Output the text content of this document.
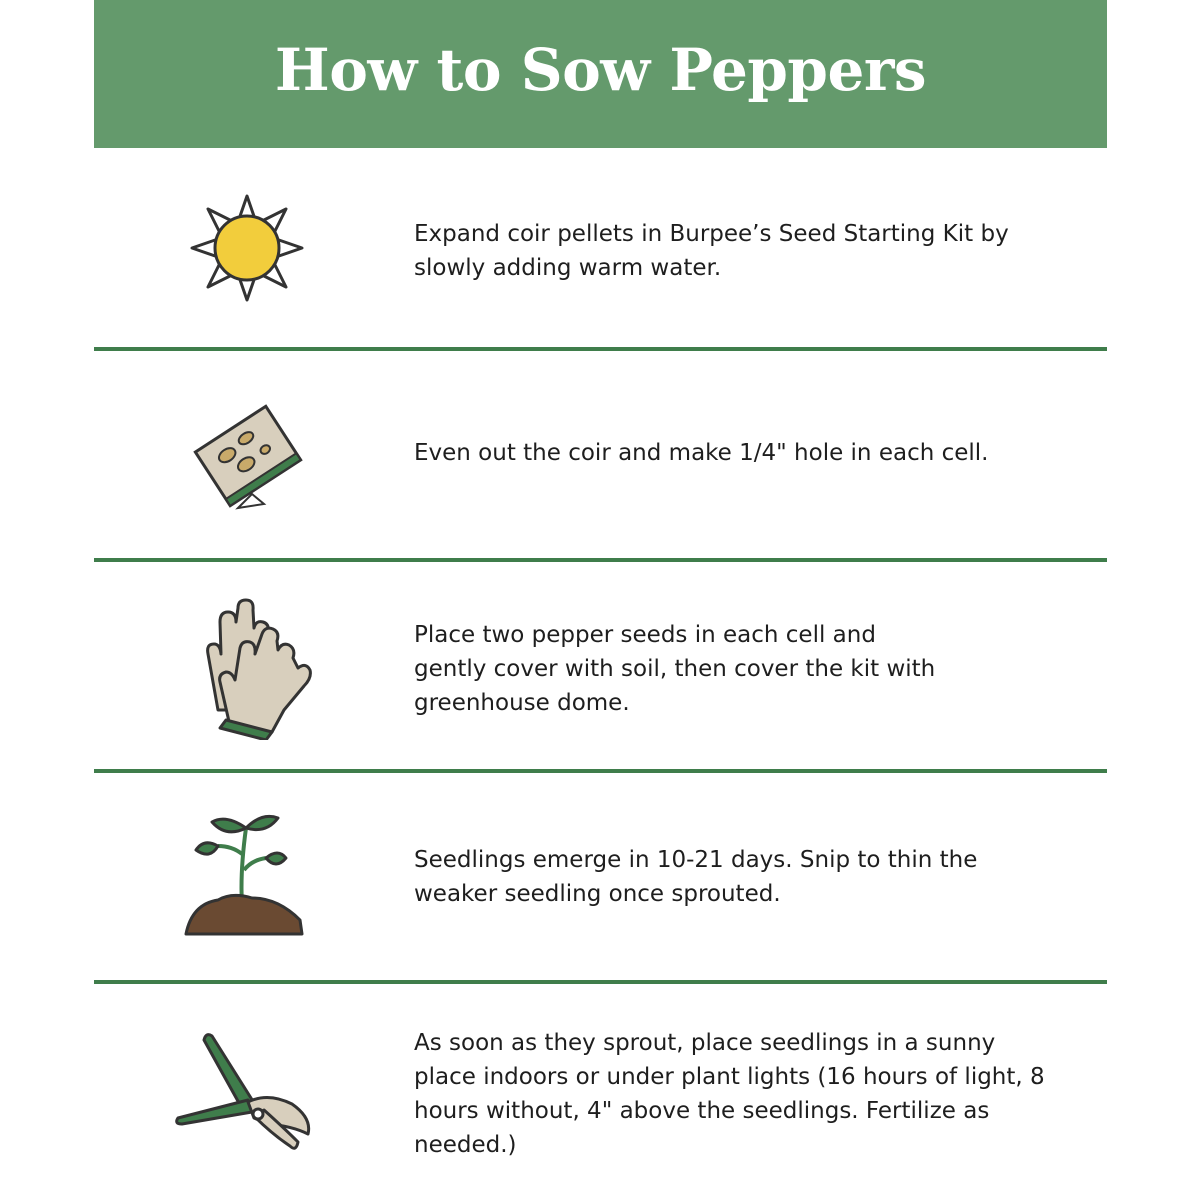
How to Sow Peppers

Expand coir pellets in Burpee’s Seed Starting Kit by slowly adding warm water.

Even out the coir and make 1/4" hole in each cell.

Place two pepper seeds in each cell and gently cover with soil, then cover the kit with greenhouse dome.

Seedlings emerge in 10-21 days. Snip to thin the weaker seedling once sprouted.

As soon as they sprout, place seedlings in a sunny place indoors or under plant lights (16 hours of light, 8 hours without, 4" above the seedlings. Fertilize as needed.)
